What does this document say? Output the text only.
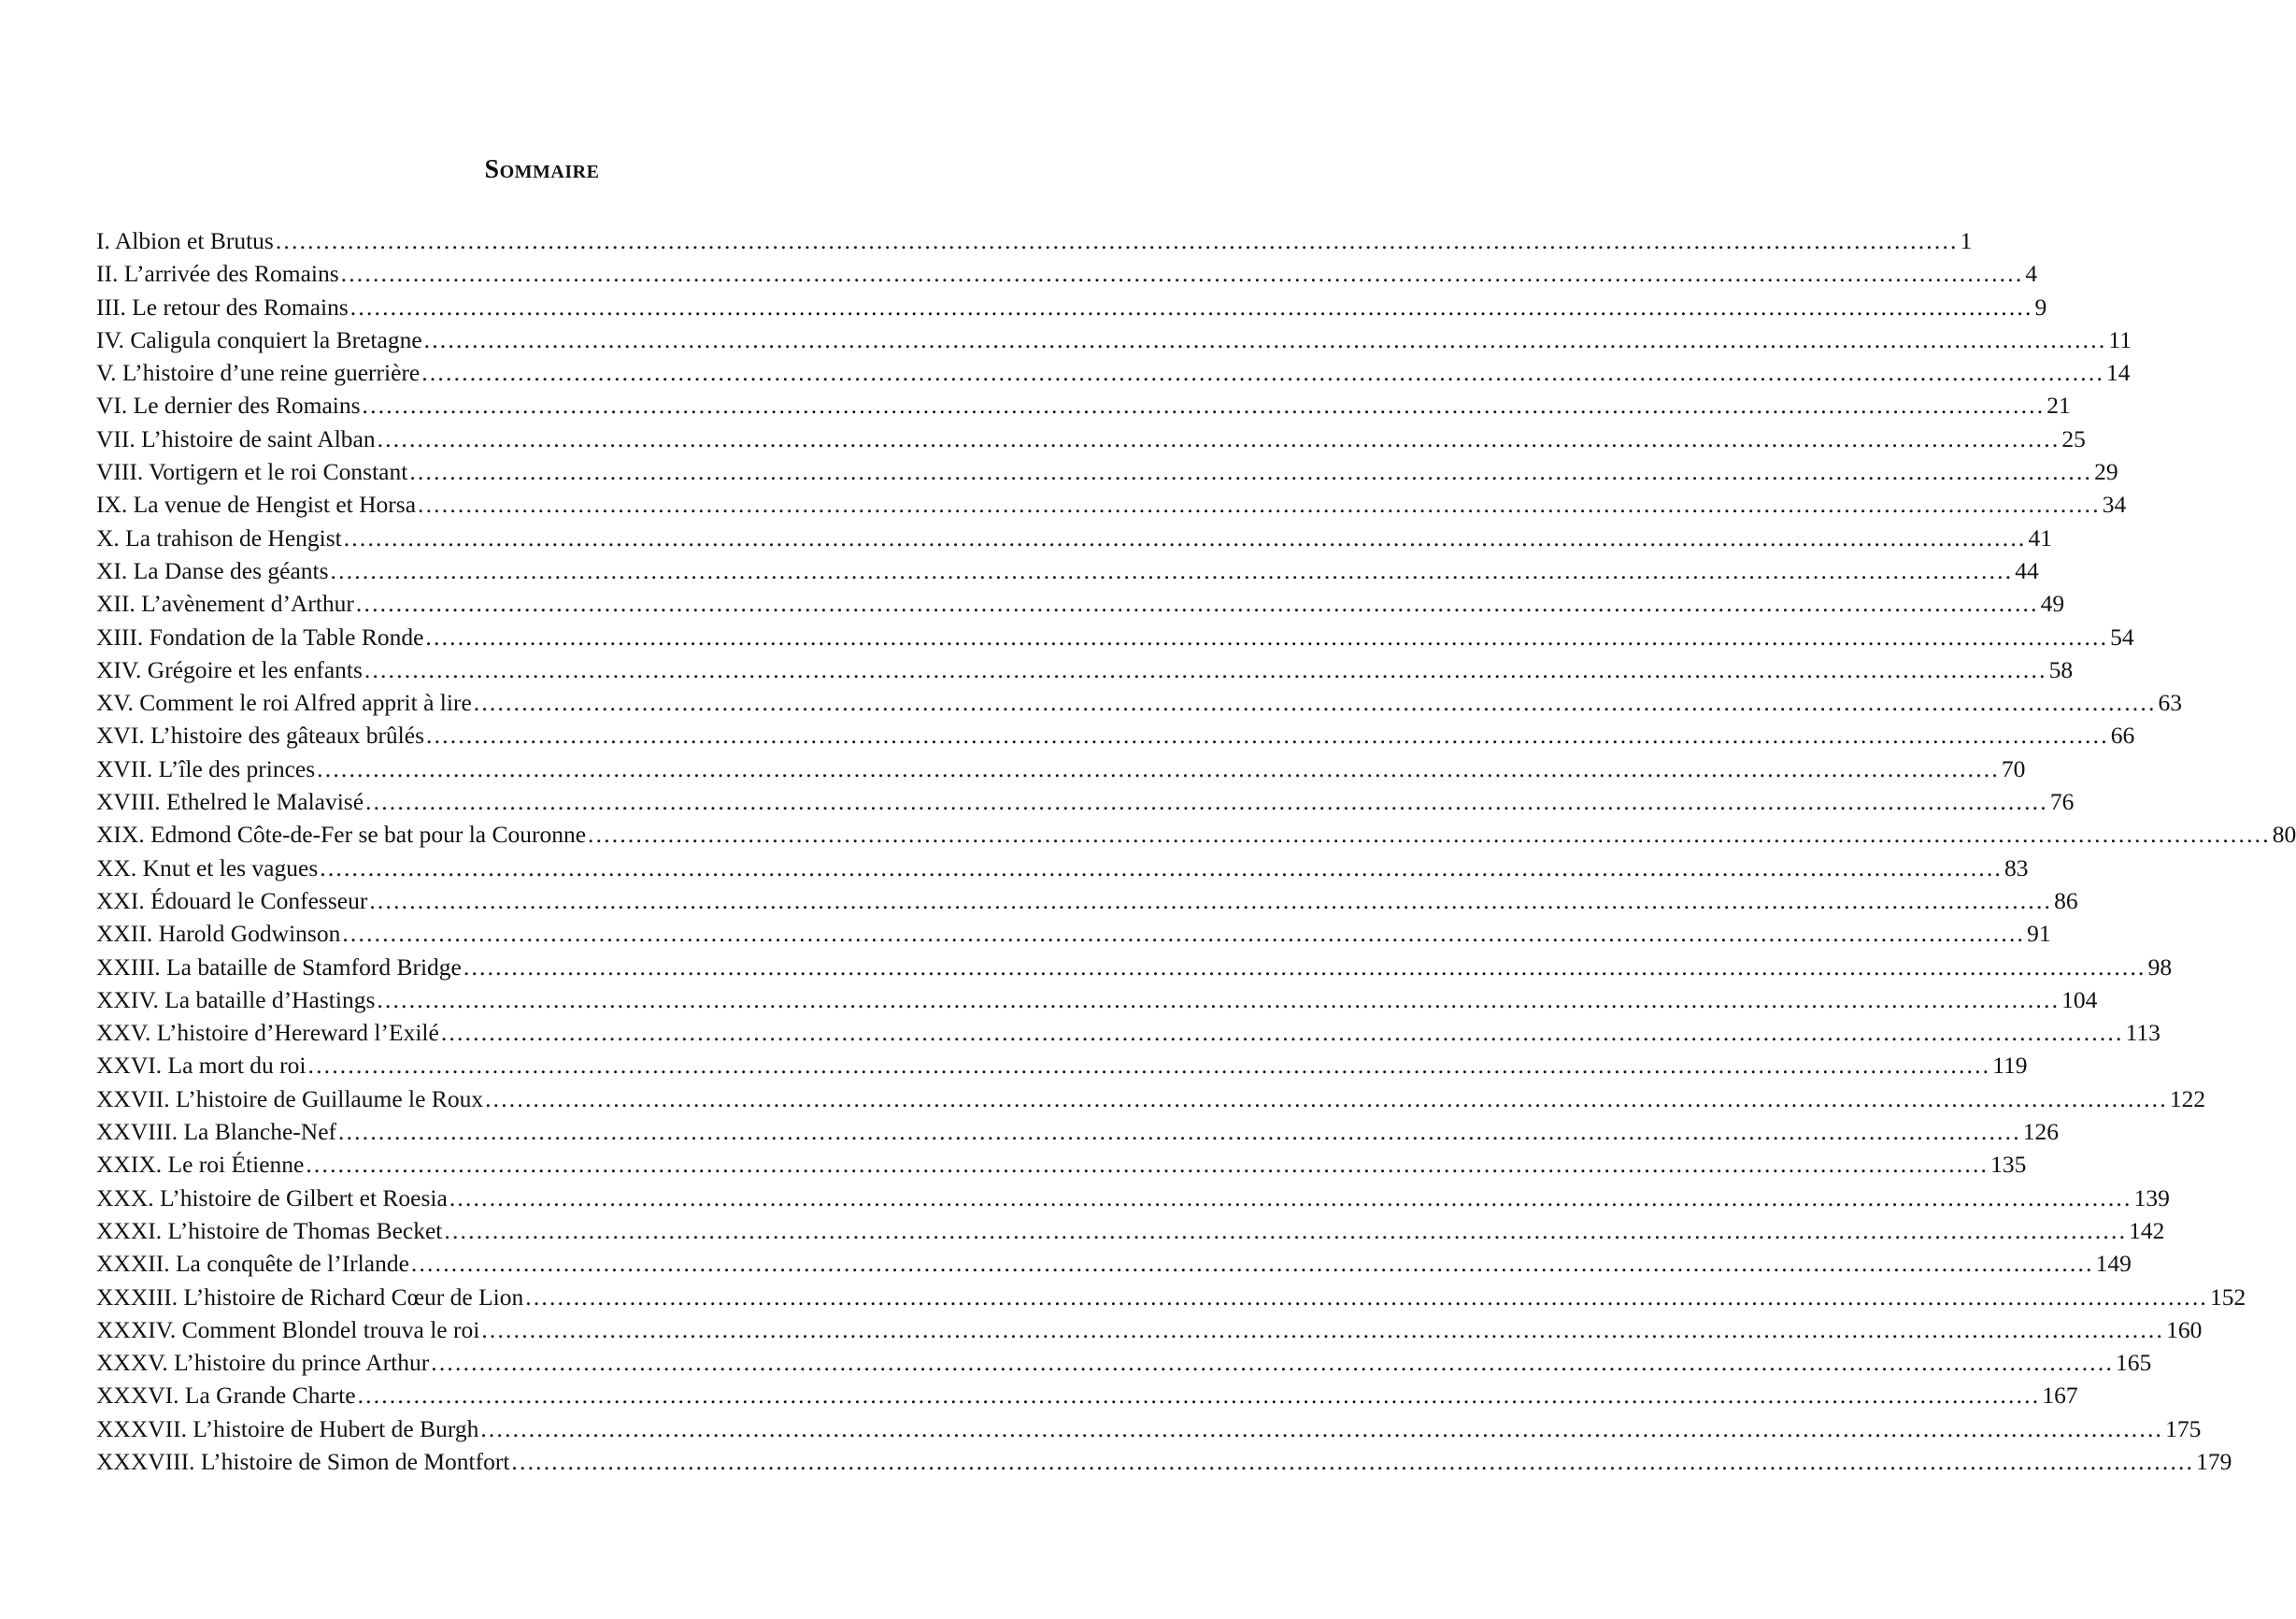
Sommaire
I. Albion et Brutus .................................................................................................................................................................................................................. 1
II. L’arrivée des Romains .................................................................................................................................................................................................................. 4
III. Le retour des Romains .................................................................................................................................................................................................................. 9
IV. Caligula conquiert la Bretagne .................................................................................................................................................................................................................. 11
V. L’histoire d’une reine guerrière .................................................................................................................................................................................................................. 14
VI. Le dernier des Romains .................................................................................................................................................................................................................. 21
VII. L’histoire de saint Alban .................................................................................................................................................................................................................. 25
VIII. Vortigern et le roi Constant .................................................................................................................................................................................................................. 29
IX. La venue de Hengist et Horsa .................................................................................................................................................................................................................. 34
X. La trahison de Hengist .................................................................................................................................................................................................................. 41
XI. La Danse des géants .................................................................................................................................................................................................................. 44
XII. L’avènement d’Arthur .................................................................................................................................................................................................................. 49
XIII. Fondation de la Table Ronde .................................................................................................................................................................................................................. 54
XIV. Grégoire et les enfants .................................................................................................................................................................................................................. 58
XV. Comment le roi Alfred apprit à lire .................................................................................................................................................................................................................. 63
XVI. L’histoire des gâteaux brûlés .................................................................................................................................................................................................................. 66
XVII. L’île des princes .................................................................................................................................................................................................................. 70
XVIII. Ethelred le Malavisé .................................................................................................................................................................................................................. 76
XIX. Edmond Côte-de-Fer se bat pour la Couronne .................................................................................................................................................................................................................. 80
XX. Knut et les vagues .................................................................................................................................................................................................................. 83
XXI. Édouard le Confesseur .................................................................................................................................................................................................................. 86
XXII. Harold Godwinson .................................................................................................................................................................................................................. 91
XXIII. La bataille de Stamford Bridge .................................................................................................................................................................................................................. 98
XXIV. La bataille d’Hastings .................................................................................................................................................................................................................. 104
XXV. L’histoire d’Hereward l’Exilé .................................................................................................................................................................................................................. 113
XXVI. La mort du roi .................................................................................................................................................................................................................. 119
XXVII. L’histoire de Guillaume le Roux .................................................................................................................................................................................................................. 122
XXVIII. La Blanche-Nef .................................................................................................................................................................................................................. 126
XXIX. Le roi Étienne .................................................................................................................................................................................................................. 135
XXX. L’histoire de Gilbert et Roesia .................................................................................................................................................................................................................. 139
XXXI. L’histoire de Thomas Becket .................................................................................................................................................................................................................. 142
XXXII. La conquête de l’Irlande .................................................................................................................................................................................................................. 149
XXXIII. L’histoire de Richard Cœur de Lion .................................................................................................................................................................................................................. 152
XXXIV. Comment Blondel trouva le roi .................................................................................................................................................................................................................. 160
XXXV. L’histoire du prince Arthur .................................................................................................................................................................................................................. 165
XXXVI. La Grande Charte .................................................................................................................................................................................................................. 167
XXXVII. L’histoire de Hubert de Burgh .................................................................................................................................................................................................................. 175
XXXVIII. L’histoire de Simon de Montfort .................................................................................................................................................................................................................. 179
